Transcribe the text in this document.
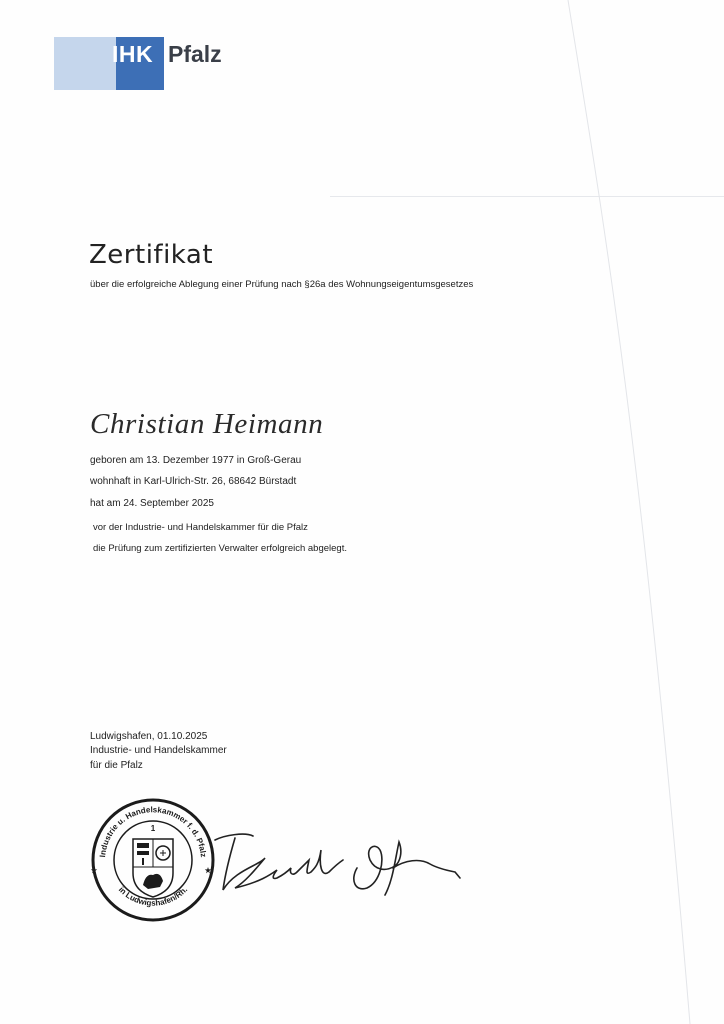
IHK Pfalz
Zertifikat
über die erfolgreiche Ablegung einer Prüfung nach §26a des Wohnungseigentumsgesetzes
Christian Heimann
geboren am 13. Dezember 1977 in Groß-Gerau
wohnhaft in Karl-Ulrich-Str. 26, 68642 Bürstadt
hat am 24. September 2025
vor der Industrie- und Handelskammer für die Pfalz
die Prüfung zum zertifizierten Verwalter erfolgreich abgelegt.
Ludwigshafen, 01.10.2025
Industrie- und Handelskammer
für die Pfalz
Industrie u. Handelskammer f. d. Pfalz
in Ludwigshafen/Rh.
1
